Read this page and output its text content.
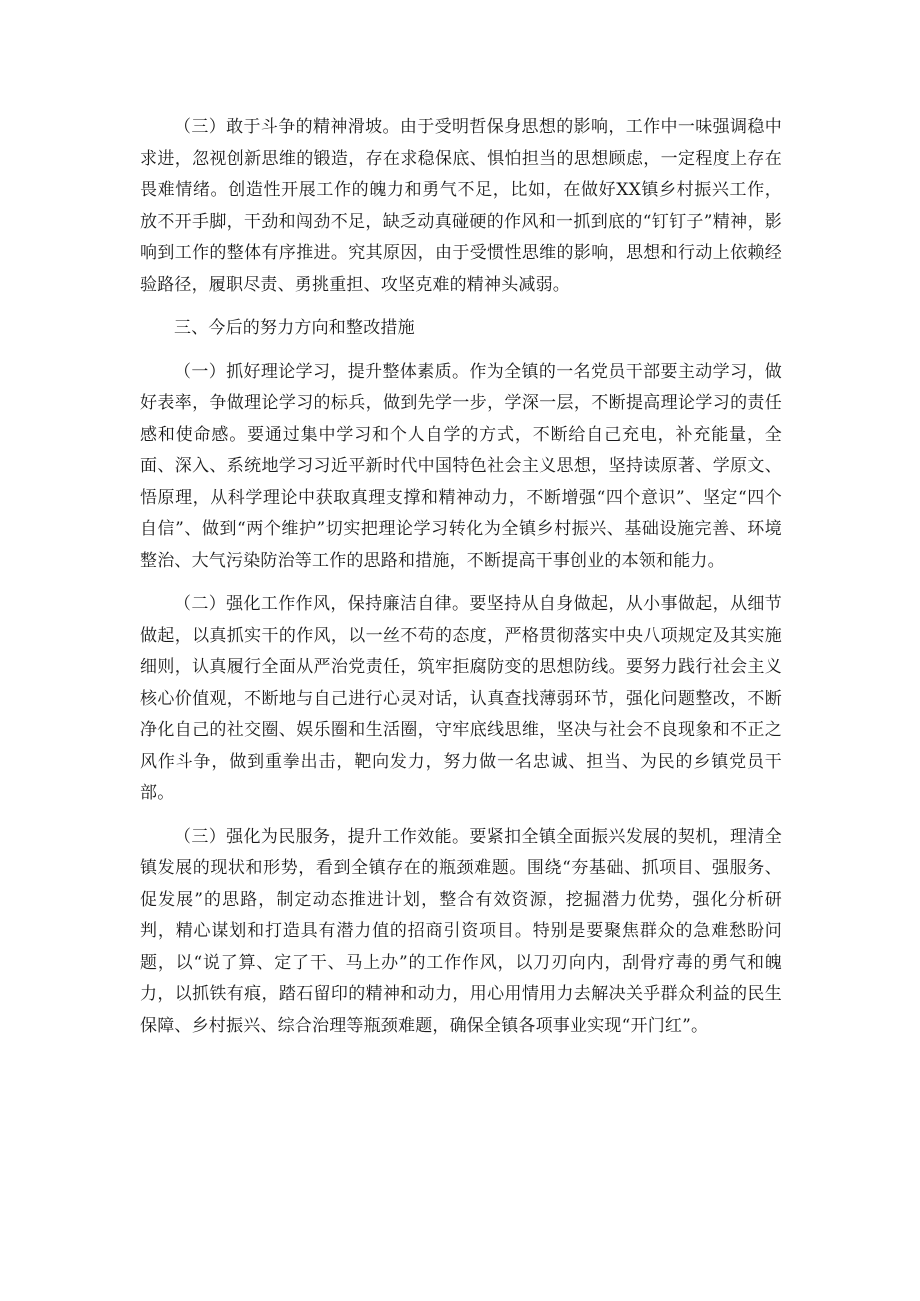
（三）敢于斗争的精神滑坡。由于受明哲保身思想的影响，工作中一味强调稳中求进，忽视创新思维的锻造，存在求稳保底、惧怕担当的思想顾虑，一定程度上存在畏难情绪。创造性开展工作的魄力和勇气不足，比如，在做好XX镇乡村振兴工作，放不开手脚，干劲和闯劲不足，缺乏动真碰硬的作风和一抓到底的“钉钉子”精神，影响到工作的整体有序推进。究其原因，由于受惯性思维的影响，思想和行动上依赖经验路径，履职尽责、勇挑重担、攻坚克难的精神头减弱。

三、今后的努力方向和整改措施

（一）抓好理论学习，提升整体素质。作为全镇的一名党员干部要主动学习，做好表率，争做理论学习的标兵，做到先学一步，学深一层，不断提高理论学习的责任感和使命感。要通过集中学习和个人自学的方式，不断给自己充电，补充能量，全面、深入、系统地学习习近平新时代中国特色社会主义思想，坚持读原著、学原文、悟原理，从科学理论中获取真理支撑和精神动力，不断增强“四个意识”、坚定“四个自信”、做到“两个维护”切实把理论学习转化为全镇乡村振兴、基础设施完善、环境整治、大气污染防治等工作的思路和措施，不断提高干事创业的本领和能力。

（二）强化工作作风，保持廉洁自律。要坚持从自身做起，从小事做起，从细节做起，以真抓实干的作风，以一丝不苟的态度，严格贯彻落实中央八项规定及其实施细则，认真履行全面从严治党责任，筑牢拒腐防变的思想防线。要努力践行社会主义核心价值观，不断地与自己进行心灵对话，认真查找薄弱环节，强化问题整改，不断净化自己的社交圈、娱乐圈和生活圈，守牢底线思维，坚决与社会不良现象和不正之风作斗争，做到重拳出击，靶向发力，努力做一名忠诚、担当、为民的乡镇党员干部。

（三）强化为民服务，提升工作效能。要紧扣全镇全面振兴发展的契机，理清全镇发展的现状和形势，看到全镇存在的瓶颈难题。围绕“夯基础、抓项目、强服务、促发展”的思路，制定动态推进计划，整合有效资源，挖掘潜力优势，强化分析研判，精心谋划和打造具有潜力值的招商引资项目。特别是要聚焦群众的急难愁盼问题，以“说了算、定了干、马上办”的工作作风，以刀刃向内，刮骨疗毒的勇气和魄力，以抓铁有痕，踏石留印的精神和动力，用心用情用力去解决关乎群众利益的民生保障、乡村振兴、综合治理等瓶颈难题，确保全镇各项事业实现“开门红”。
